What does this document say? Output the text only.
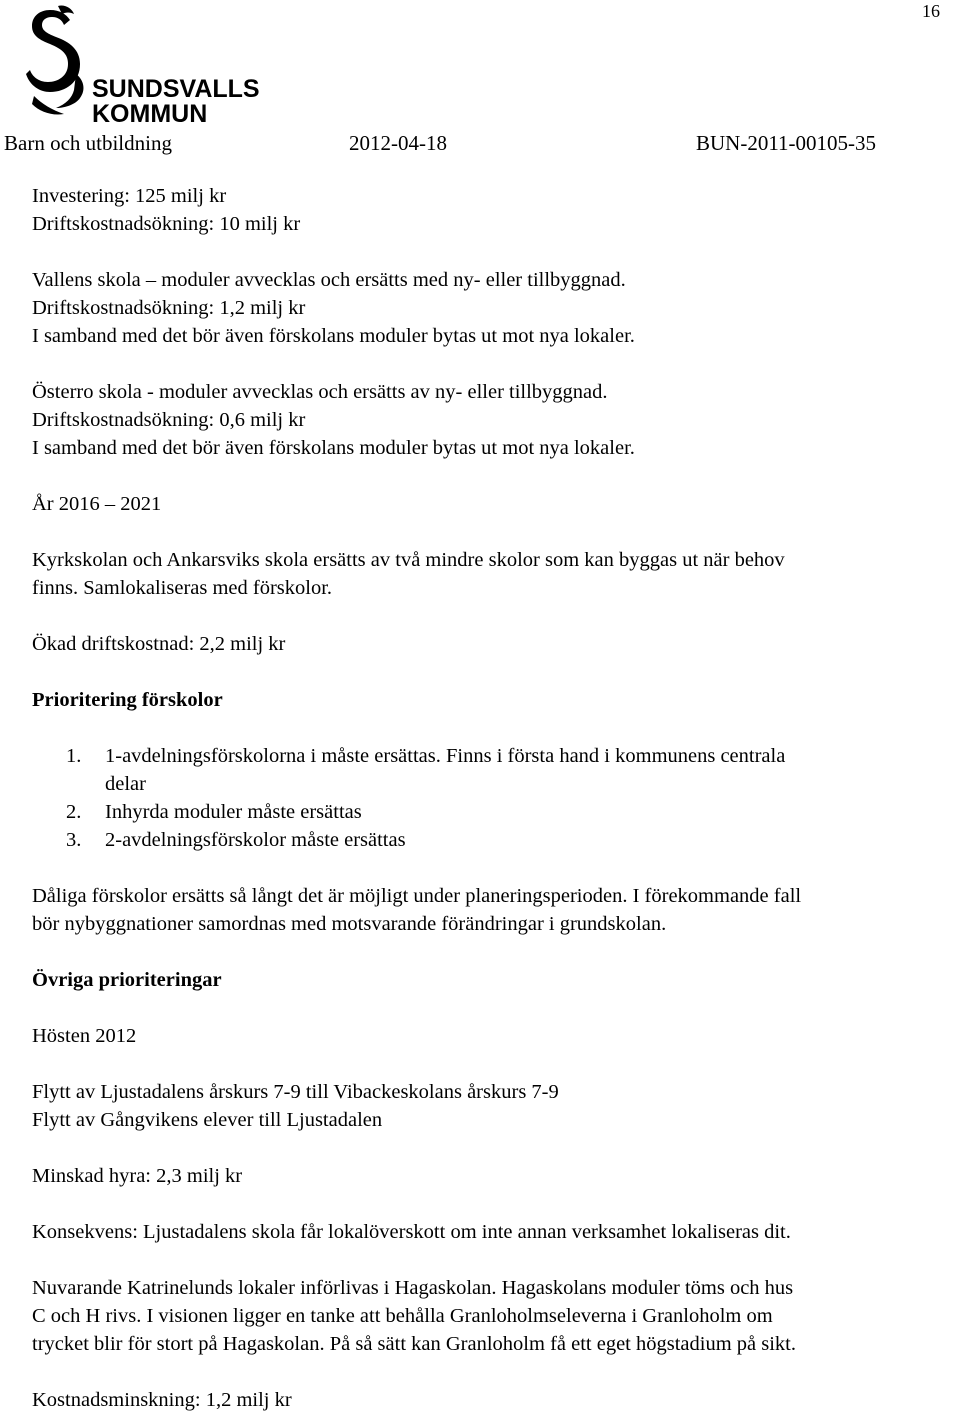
16
SUNDSVALLS
KOMMUN
Barn och utbildning	2012-04-18	BUN-2011-00105-35

Investering: 125 milj kr

Driftskostnadsökning: 10 milj kr

Vallens skola – moduler avvecklas och ersätts med ny- eller tillbyggnad.

Driftskostnadsökning: 1,2 milj kr

I samband med det bör även förskolans moduler bytas ut mot nya lokaler.

Österro skola - moduler avvecklas och ersätts av ny- eller tillbyggnad.

Driftskostnadsökning: 0,6 milj kr

I samband med det bör även förskolans moduler bytas ut mot nya lokaler.

År 2016 – 2021

Kyrkskolan och Ankarsviks skola ersätts av två mindre skolor som kan byggas ut när behov

finns. Samlokaliseras med förskolor.

Ökad driftskostnad: 2,2 milj kr

Prioritering förskolor

1. 1-avdelningsförskolorna i måste ersättas. Finns i första hand i kommunens centrala
delar
2. Inhyrda moduler måste ersättas
3. 2-avdelningsförskolor måste ersättas

Dåliga förskolor ersätts så långt det är möjligt under planeringsperioden. I förekommande fall

bör nybyggnationer samordnas med motsvarande förändringar i grundskolan.

Övriga prioriteringar

Hösten 2012

Flytt av Ljustadalens årskurs 7-9 till Vibackeskolans årskurs 7-9

Flytt av Gångvikens elever till Ljustadalen

Minskad hyra: 2,3 milj kr

Konsekvens: Ljustadalens skola får lokalöverskott om inte annan verksamhet lokaliseras dit.

Nuvarande Katrinelunds lokaler införlivas i Hagaskolan. Hagaskolans moduler töms och hus

C och H rivs. I visionen ligger en tanke att behålla Granloholmseleverna i Granloholm om

trycket blir för stort på Hagaskolan. På så sätt kan Granloholm få ett eget högstadium på sikt.

Kostnadsminskning: 1,2 milj kr
